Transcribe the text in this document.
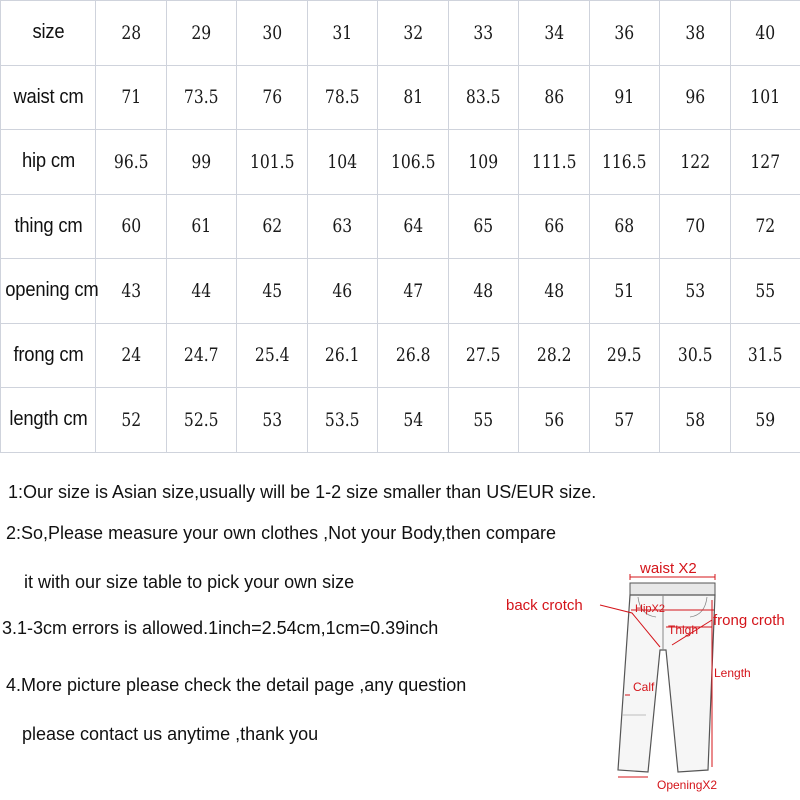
size	28	29	30	31	32	33	34	36	38	40
waist cm	71	73.5	76	78.5	81	83.5	86	91	96	101
hip cm	96.5	99	101.5	104	106.5	109	111.5	116.5	122	127
thing cm	60	61	62	63	64	65	66	68	70	72
opening cm	43	44	45	46	47	48	48	51	53	55
frong cm	24	24.7	25.4	26.1	26.8	27.5	28.2	29.5	30.5	31.5
length cm	52	52.5	53	53.5	54	55	56	57	58	59
1:Our size is Asian size,usually will be 1-2 size smaller than US/EUR size.
2:So,Please measure your own clothes ,Not your Body,then compare
it with our size table to pick your own size
3.1-3cm errors is allowed.1inch=2.54cm,1cm=0.39inch
4.More picture please check the detail page ,any question
please contact us anytime ,thank you
waist X2
back crotch	HipX2
Thigh
frong croth
Length
Calf
OpeningX2
